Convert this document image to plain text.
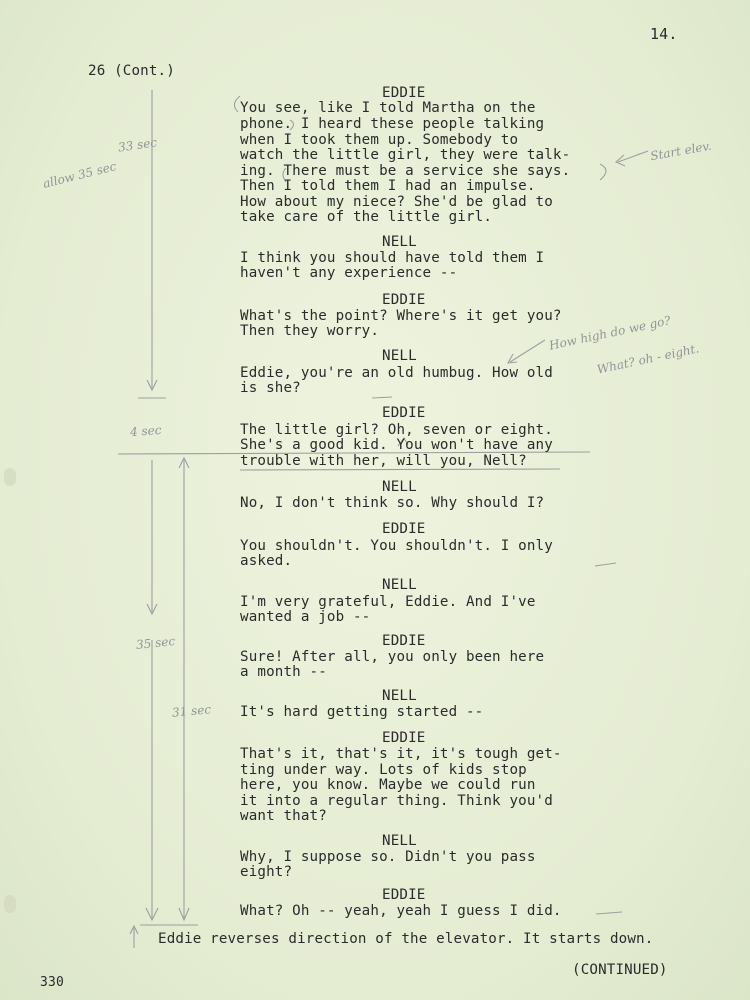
allow 35 sec
33 sec
4 sec
35 sec
31 sec
Start elev.
How high do we go?
What? oh - eight.
14.
26 (Cont.)
EDDIE
You see, like I told Martha on the
phone. I heard these people talking
when I took them up. Somebody to
watch the little girl, they were talk-
ing. There must be a service she says.
Then I told them I had an impulse.
How about my niece? She'd be glad to
take care of the little girl.
NELL
I think you should have told them I
haven't any experience --
EDDIE
What's the point? Where's it get you?
Then they worry.
NELL
Eddie, you're an old humbug. How old
is she?
EDDIE
The little girl? Oh, seven or eight.
She's a good kid. You won't have any
trouble with her, will you, Nell?
NELL
No, I don't think so. Why should I?
EDDIE
You shouldn't. You shouldn't. I only
asked.
NELL
I'm very grateful, Eddie. And I've
wanted a job --
EDDIE
Sure! After all, you only been here
a month --
NELL
It's hard getting started --
EDDIE
That's it, that's it, it's tough get-
ting under way. Lots of kids stop
here, you know. Maybe we could run
it into a regular thing. Think you'd
want that?
NELL
Why, I suppose so. Didn't you pass
eight?
EDDIE
What? Oh -- yeah, yeah I guess I did.
Eddie reverses direction of the elevator. It starts down.
(CONTINUED)
330
